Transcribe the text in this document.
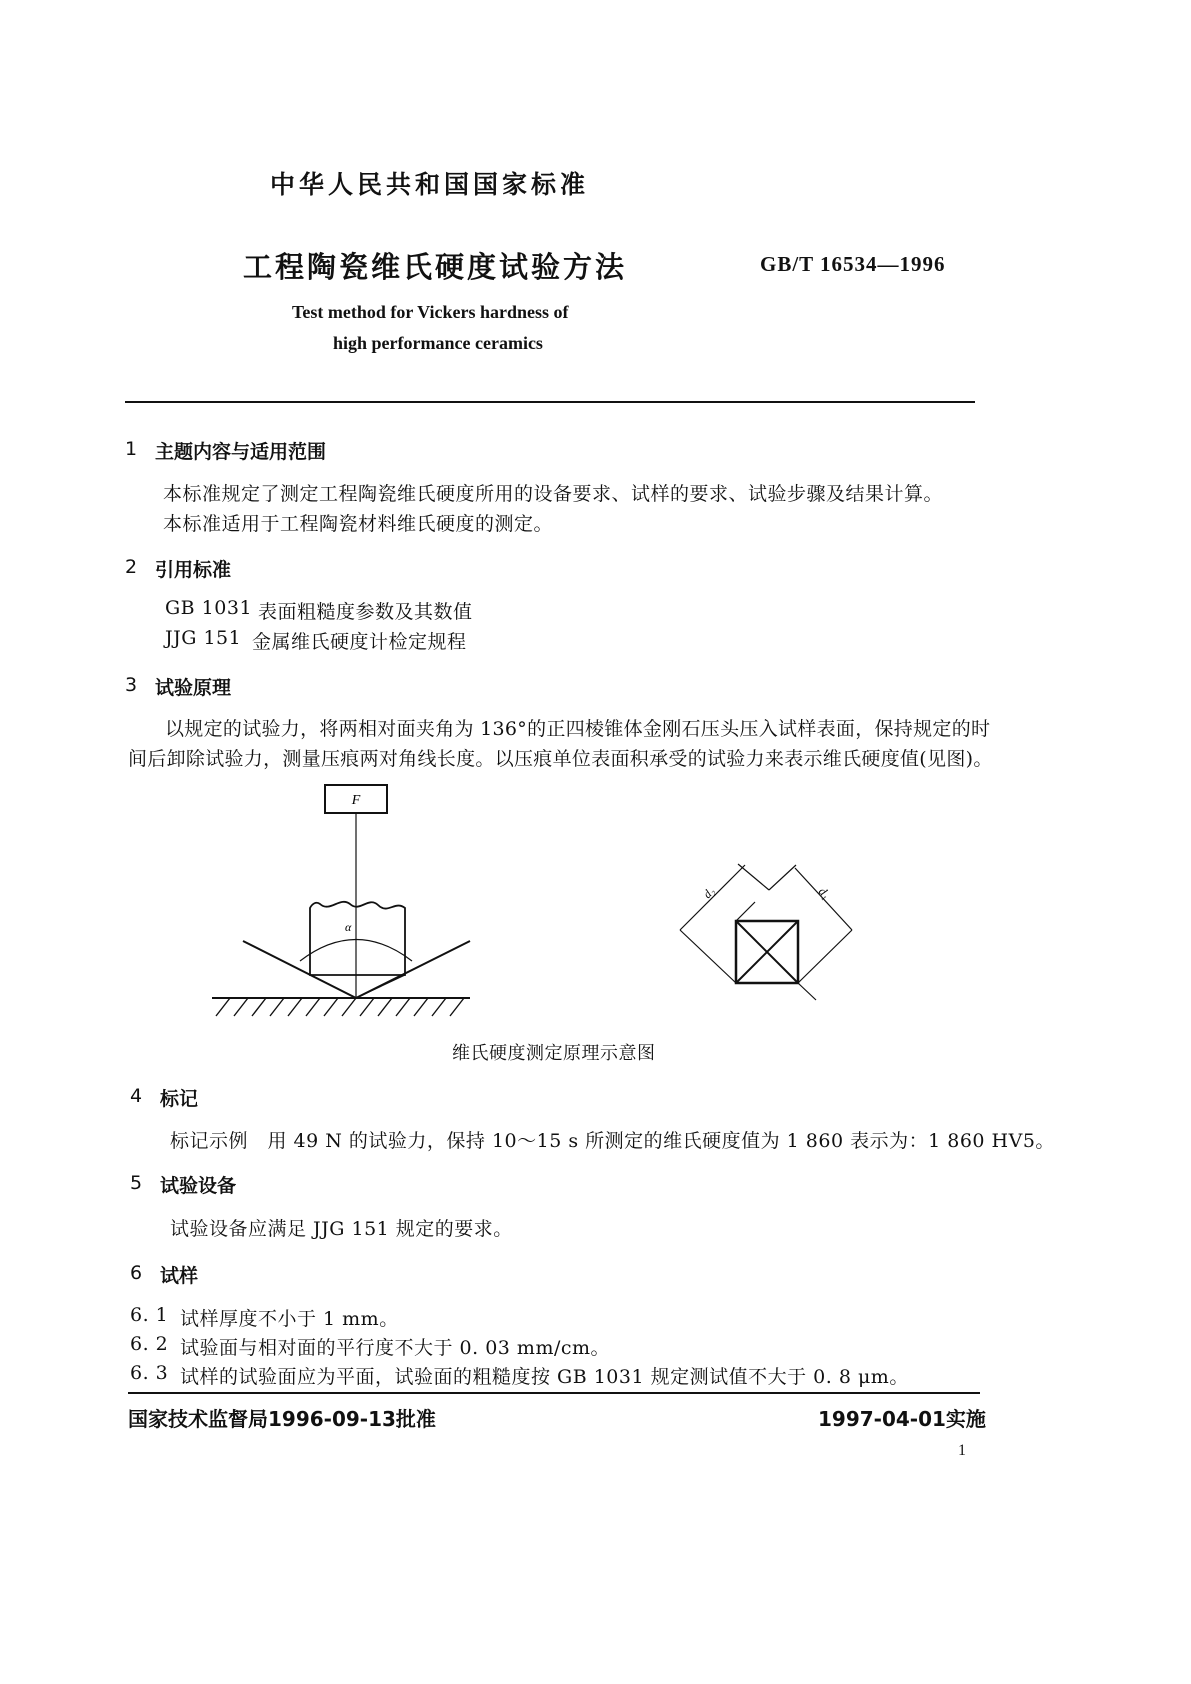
中华人民共和国国家标准
工程陶瓷维氏硬度试验方法	GB/T 16534—1996
Test method for Vickers hardness of
high performance ceramics
1 主题内容与适用范围
本标准规定了测定工程陶瓷维氏硬度所用的设备要求、试样的要求、试验步骤及结果计算。
本标准适用于工程陶瓷材料维氏硬度的测定。
2 引用标准
GB 1031 表面粗糙度参数及其数值
JJG 151 金属维氏硬度计检定规程
3 试验原理
以规定的试验力，将两相对面夹角为 136°的正四棱锥体金刚石压头压入试样表面，保持规定的时
间后卸除试验力，测量压痕两对角线长度。以压痕单位表面积承受的试验力来表示维氏硬度值(见图)。
F
α
d₂	d₁
维氏硬度测定原理示意图
4 标记
标记示例　用 49 N 的试验力，保持 10～15 s 所测定的维氏硬度值为 1 860 表示为：1 860 HV5。
5 试验设备
试验设备应满足 JJG 151 规定的要求。
6 试样
6. 1 试样厚度不小于 1 mm。
6. 2 试验面与相对面的平行度不大于 0. 03 mm/cm。
6. 3 试样的试验面应为平面，试验面的粗糙度按 GB 1031 规定测试值不大于 0. 8 μm。
国家技术监督局1996-09-13批准	1997-04-01实施
1
